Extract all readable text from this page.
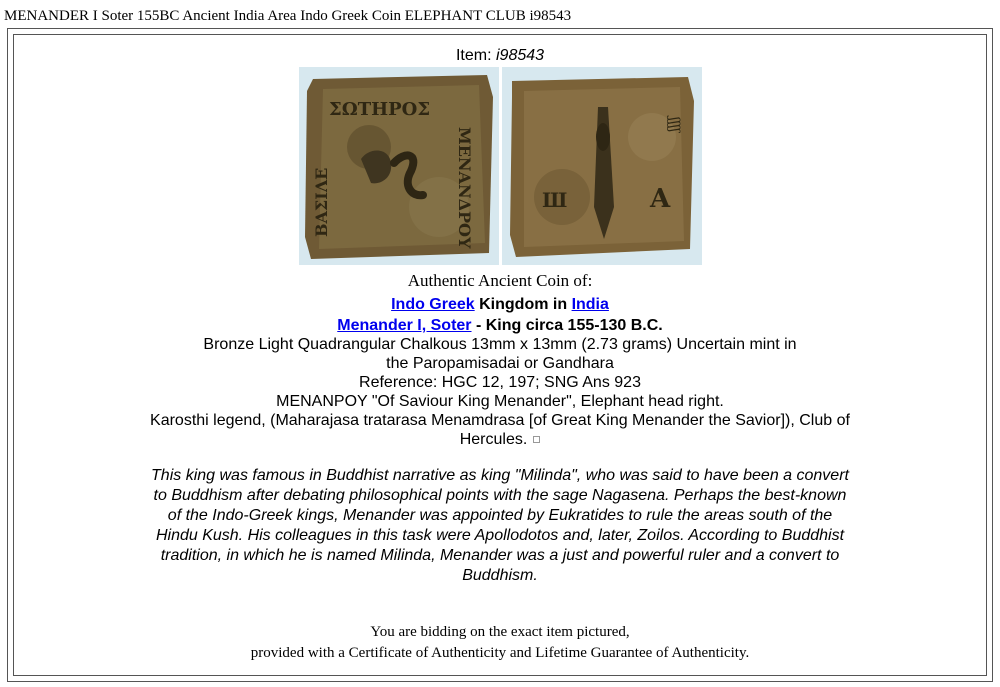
MENANDER I Soter 155BC Ancient India Area Indo Greek Coin ELEPHANT CLUB i98543
Item: i98543
ΣΩΤΗΡΟΣ
ΜΕΝΑΝΔΡΟΥ
ΒΑΣΙΛΕ	A
Ш
ʃʃʃʃ
Authentic Ancient Coin of:
Indo Greek Kingdom in India
Menander I, Soter - King circa 155-130 B.C.
Bronze Light Quadrangular Chalkous 13mm x 13mm (2.73 grams) Uncertain mint in the Paropamisadai or Gandhara
Reference: HGC 12, 197; SNG Ans 923
MENANPOY "Of Saviour King Menander", Elephant head right.
Karosthi legend, (Maharajasa tratarasa Menamdrasa [of Great King Menander the Savior]), Club of Hercules.
This king was famous in Buddhist narrative as king "Milinda", who was said to have been a convert to Buddhism after debating philosophical points with the sage Nagasena. Perhaps the best-known of the Indo-Greek kings, Menander was appointed by Eukratides to rule the areas south of the Hindu Kush. His colleagues in this task were Apollodotos and, later, Zoilos. According to Buddhist tradition, in which he is named Milinda, Menander was a just and powerful ruler and a convert to Buddhism.
You are bidding on the exact item pictured,
provided with a Certificate of Authenticity and Lifetime Guarantee of Authenticity.
